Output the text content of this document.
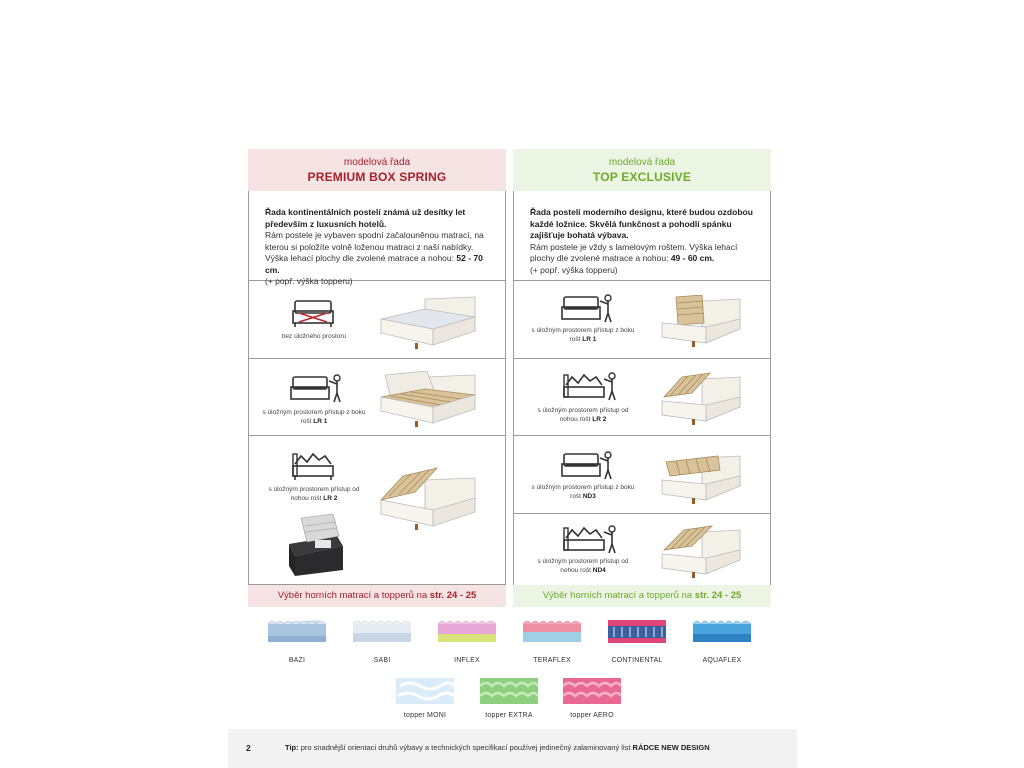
modelová řada
PREMIUM BOX SPRING
Řada kontinentálních postelí známá už desítky let především z luxusních hotelů.
Rám postele je vybaven spodní začalouněnou matrací, na kterou si položíte volně loženou matraci z naší nabídky. Výška lehací plochy dle zvolené matrace a nohou: 52 - 70 cm.
(+ popř. výška topperu)
bez úložného prostoru
s úložným prostorem přístup z boku rošt LR 1
s úložným prostorem přístup od nohou rošt LR 2
modelová řada
TOP EXCLUSIVE
Řada postelí moderního designu, které budou ozdobou každé ložnice. Skvělá funkčnost a pohodlí spánku zajišťuje bohatá výbava.
Rám postele je vždy s lamelovým roštem. Výška lehací plochy dle zvolené matrace a nohou: 49 - 60 cm.
(+ popř. výška topperu)
s úložným prostorem přístup z boku rošt LR 1
s úložným prostorem přístup od nohou rošt LR 2
s úložným prostorem přístup z boku rošt ND3
s úložným prostorem přístup od nohou rošt ND4
Výběr horních matrací a topperů na str. 24 - 25	Výběr horních matrací a topperů na str. 24 - 25
BAZI	SABI	INFLEX	TERAFLEX	CONTINENTAL	AQUAFLEX
topper MONI	topper EXTRA	topper AERO
2	Tip: pro snadnější orientaci druhů výbavy a technických specifikací používej jedinečný zalaminovaný list RÁDCE NEW DESIGN
